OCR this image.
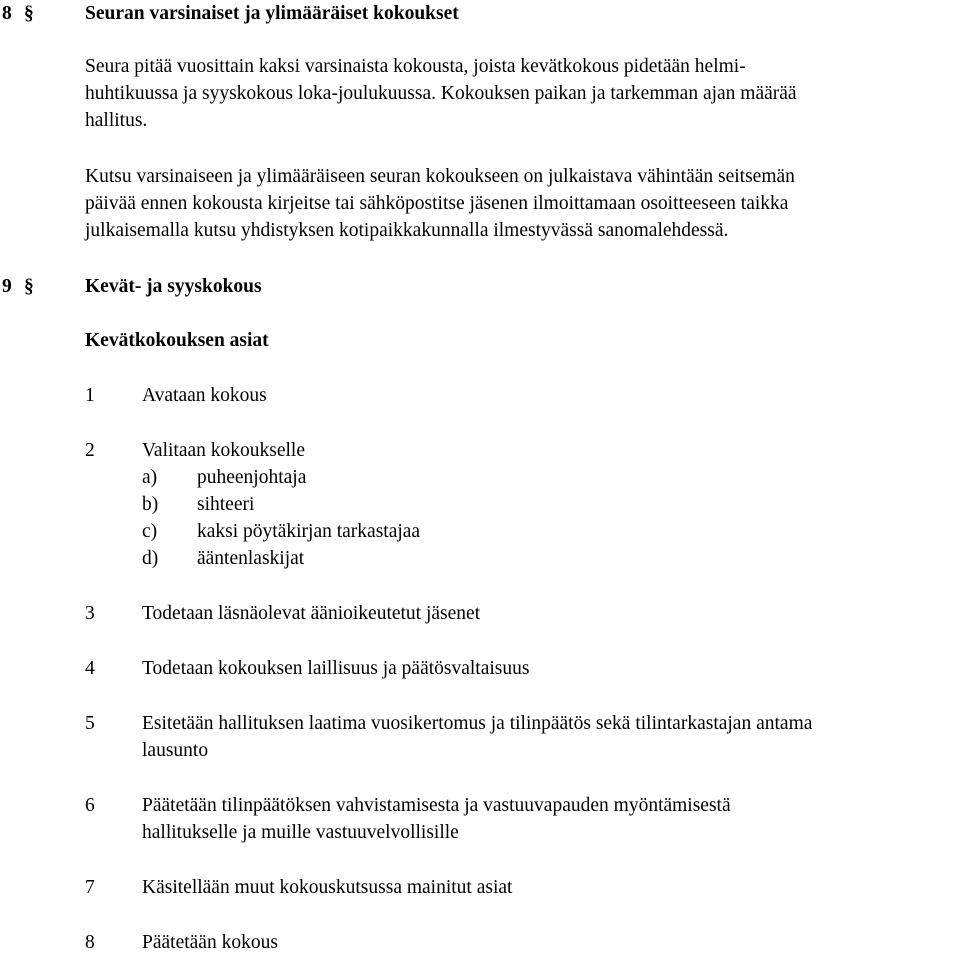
8 §	Seuran varsinaiset ja ylimääräiset kokoukset
Seura pitää vuosittain kaksi varsinaista kokousta, joista kevätkokous pidetään helmi-
huhtikuussa ja syyskokous loka-joulukuussa. Kokouksen paikan ja tarkemman ajan määrää
hallitus.
Kutsu varsinaiseen ja ylimääräiseen seuran kokoukseen on julkaistava vähintään seitsemän
päivää ennen kokousta kirjeitse tai sähköpostitse jäsenen ilmoittamaan osoitteeseen taikka
julkaisemalla kutsu yhdistyksen kotipaikkakunnalla ilmestyvässä sanomalehdessä.
9 §	Kevät- ja syyskokous
Kevätkokouksen asiat
1 Avataan kokous
2 Valitaan kokoukselle
a) puheenjohtaja
b) sihteeri
c) kaksi pöytäkirjan tarkastajaa
d) ääntenlaskijat
3 Todetaan läsnäolevat äänioikeutetut jäsenet
4 Todetaan kokouksen laillisuus ja päätösvaltaisuus
5 Esitetään hallituksen laatima vuosikertomus ja tilinpäätös sekä tilintarkastajan antama
lausunto
6 Päätetään tilinpäätöksen vahvistamisesta ja vastuuvapauden myöntämisestä
hallitukselle ja muille vastuuvelvollisille
7 Käsitellään muut kokouskutsussa mainitut asiat
8 Päätetään kokous
